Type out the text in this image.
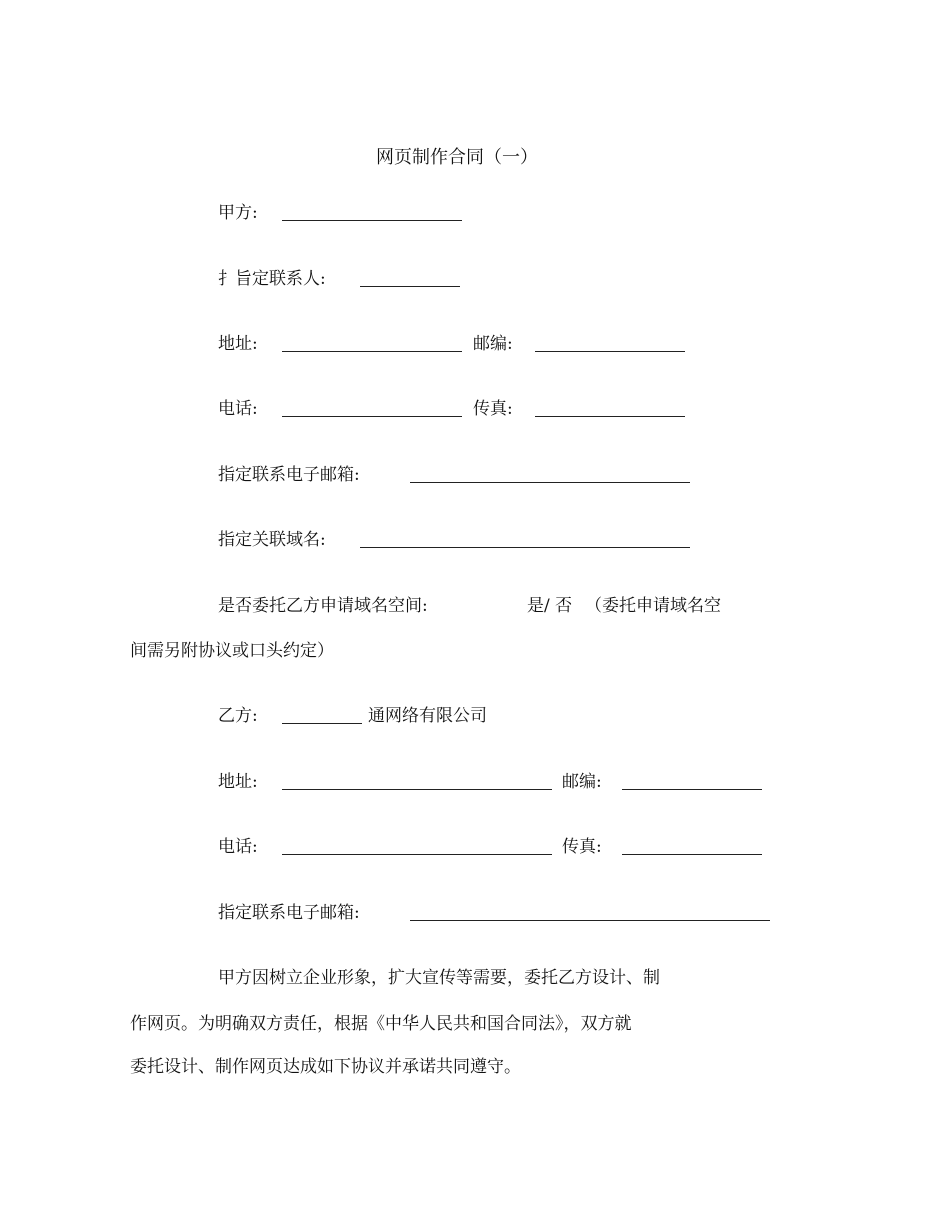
网页制作合同（一）
甲方:
扌旨定联系人:
地址:	邮编:
电话:	传真:
指定联系电子邮箱:
指定关联域名:
是否委托乙方申请域名空间:	是/ 否 （委托申请域名空
间需另附协议或口头约定）
乙方:	通网络有限公司
地址:	邮编:
电话:	传真:
指定联系电子邮箱:
甲方因树立企业形象，扩大宣传等需要，委托乙方设计、制
作网页。为明确双方责任，根据《中华人民共和国合同法》，双方就
委托设计、制作网页达成如下协议并承诺共同遵守。
